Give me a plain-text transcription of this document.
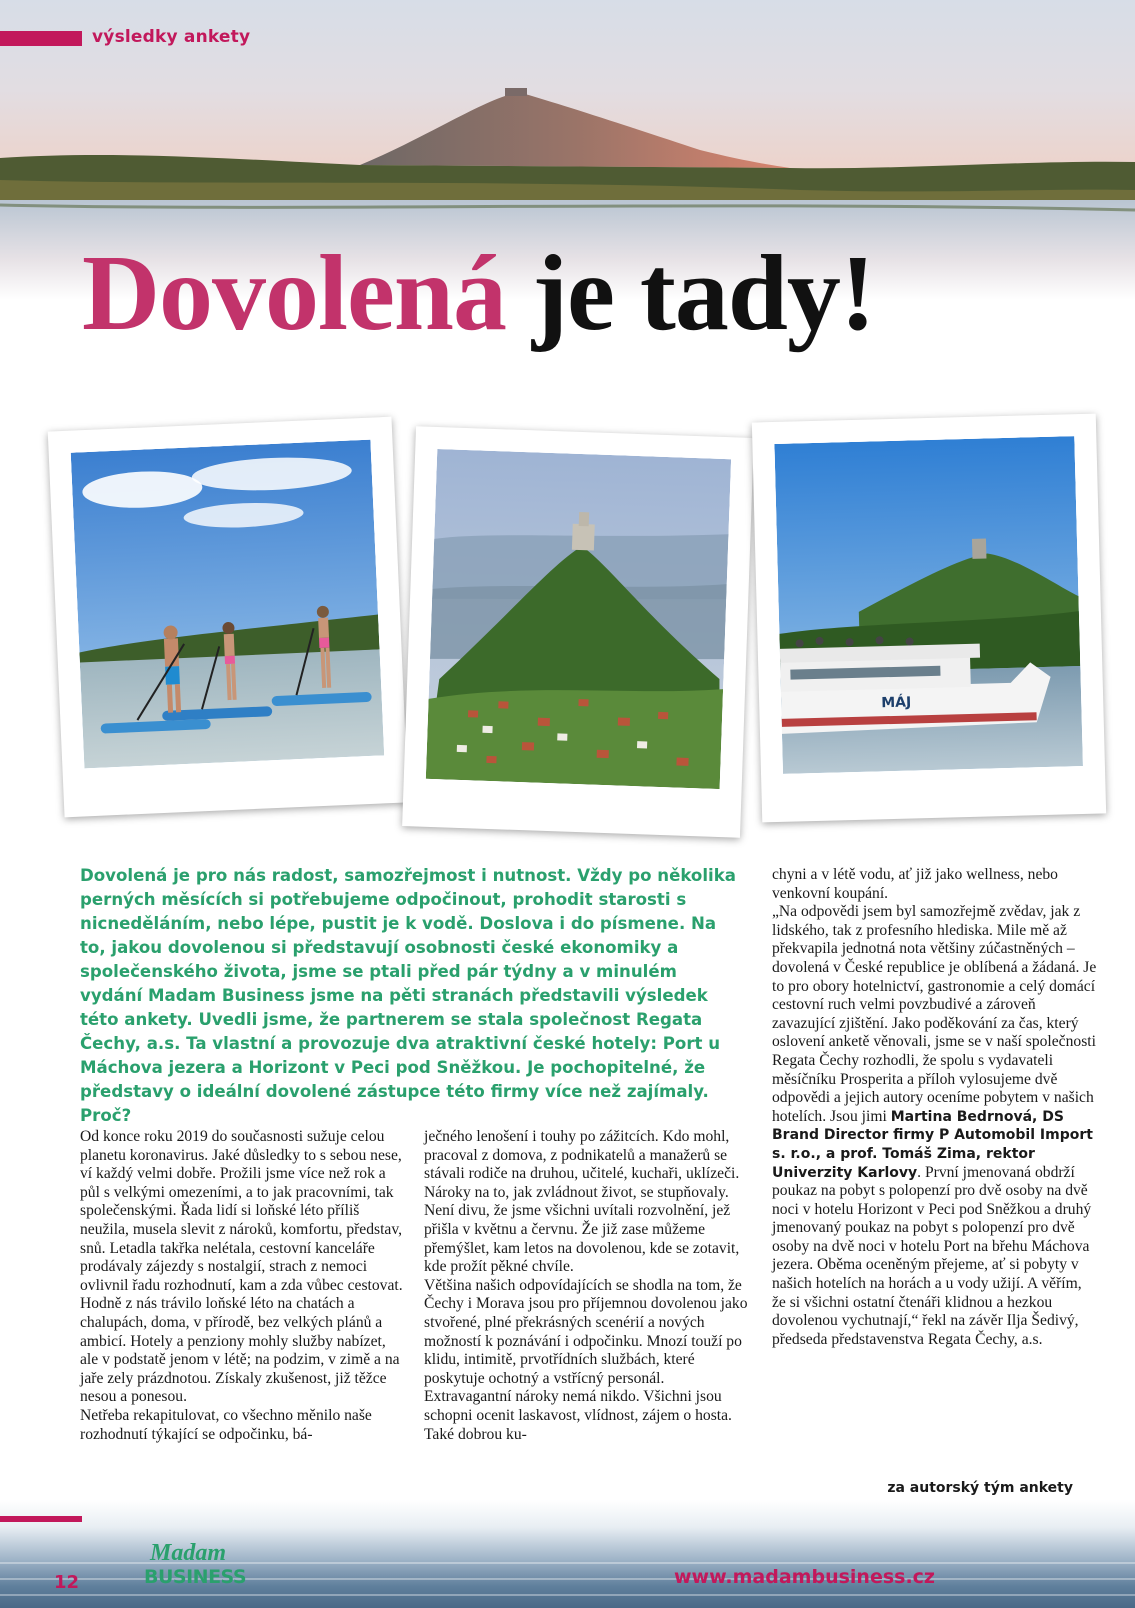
výsledky ankety
Dovolená je tady!
MÁJ

Dovolená je pro nás radost, samozřejmost i nutnost. Vždy po několika perných měsících si potřebujeme odpočinout, prohodit starosti s nicneděláním, nebo lépe, pustit je k vodě. Doslova i do písmene. Na to, jakou dovolenou si představují osobnosti české ekonomiky a společenského života, jsme se ptali před pár týdny a v minulém vydání Madam Business jsme na pěti stranách představili výsledek této ankety. Uvedli jsme, že partnerem se stala společnost Regata Čechy, a.s. Ta vlastní a provozuje dva atraktivní české hotely: Port u Máchova jezera a Horizont v Peci pod Sněžkou. Je pochopitelné, že představy o ideální dovolené zástupce této firmy více než zajímaly. Proč?

Od konce roku 2019 do současnosti sužuje celou planetu koronavirus. Jaké důsledky to s sebou nese, ví každý velmi dobře. Prožili jsme více než rok a půl s velkými omezeními, a to jak pracovními, tak společenskými. Řada lidí si loňské léto příliš neužila, musela slevit z nároků, komfortu, představ, snů. Letadla takřka nelétala, cestovní kanceláře prodávaly zájezdy s nostalgií, strach z nemoci ovlivnil řadu rozhodnutí, kam a zda vůbec cestovat. Hodně z nás trávilo loňské léto na chatách a chalupách, doma, v přírodě, bez velkých plánů a ambicí. Hotely a penziony mohly služby nabízet, ale v podstatě jenom v létě; na podzim, v zimě a na jaře zely prázdnotou. Získaly zkušenost, již těžce nesou a ponesou.

Netřeba rekapitulovat, co všechno měnilo naše rozhodnutí týkající se odpočinku, bá-

ječného lenošení i touhy po zážitcích. Kdo mohl, pracoval z domova, z podnikatelů a manažerů se stávali rodiče na druhou, učitelé, kuchaři, uklízeči. Nároky na to, jak zvládnout život, se stupňovaly. Není divu, že jsme všichni uvítali rozvolnění, jež přišla v květnu a červnu. Že již zase můžeme přemýšlet, kam letos na dovolenou, kde se zotavit, kde prožít pěkné chvíle.

Většina našich odpovídajících se shodla na tom, že Čechy i Morava jsou pro příjemnou dovolenou jako stvořené, plné překrásných scenérií a nových možností k poznávání i odpočinku. Mnozí touží po klidu, intimitě, prvotřídních službách, které poskytuje ochotný a vstřícný personál. Extravagantní nároky nemá nikdo. Všichni jsou schopni ocenit laskavost, vlídnost, zájem o hosta. Také dobrou ku-

chyni a v létě vodu, ať již jako wellness, nebo venkovní koupání.

„Na odpovědi jsem byl samozřejmě zvědav, jak z lidského, tak z profesního hlediska. Mile mě až překvapila jednotná nota většiny zúčastněných – dovolená v České republice je oblíbená a žádaná. Je to pro obory hotelnictví, gastronomie a celý domácí cestovní ruch velmi povzbudivé a zároveň zavazující zjištění. Jako poděkování za čas, který oslovení anketě věnovali, jsme se v naší společnosti Regata Čechy rozhodli, že spolu s vydavateli měsíčníku Prosperita a příloh vylosujeme dvě odpovědi a jejich autory oceníme pobytem v našich hotelích. Jsou jimi Martina Bedrnová, DS Brand Director firmy P Automobil Import s. r.o., a prof. Tomáš Zima, rektor Univerzity Karlovy. První jmenovaná obdrží poukaz na pobyt s polopenzí pro dvě osoby na dvě noci v hotelu Horizont v Peci pod Sněžkou a druhý jmenovaný poukaz na pobyt s polopenzí pro dvě osoby na dvě noci v hotelu Port na břehu Máchova jezera. Oběma oceněným přejeme, ať si pobyty v našich hotelích na horách a u vody užijí. A věřím, že si všichni ostatní čtenáři klidnou a hezkou dovolenou vychutnají,“ řekl na závěr Ilja Šedivý, předseda představenstva Regata Čechy, a.s.

za autorský tým ankety
12
Madam
BUSINESS	www.madambusiness.cz
